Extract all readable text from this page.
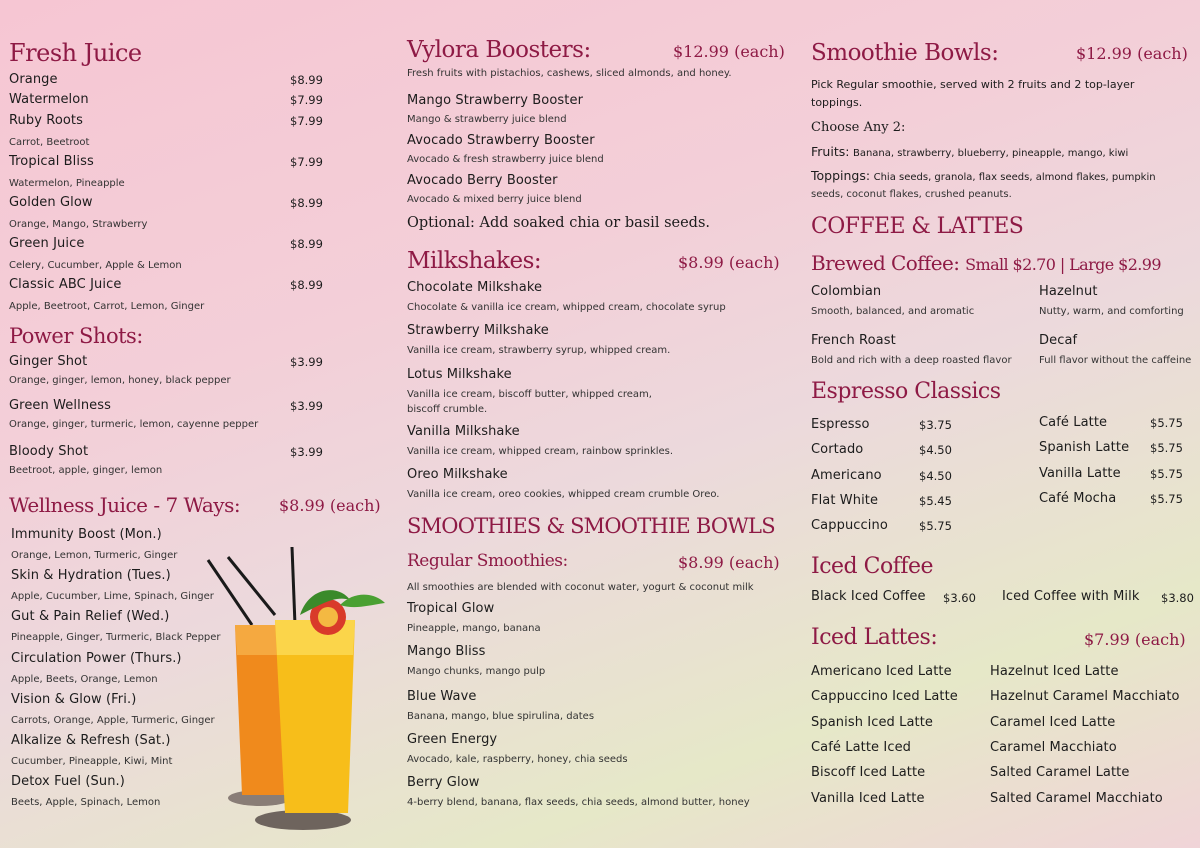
Fresh Juice
Orange	$8.99
Watermelon	$7.99
Ruby Roots	$7.99
Carrot, Beetroot
Tropical Bliss	$7.99
Watermelon, Pineapple
Golden Glow	$8.99
Orange, Mango, Strawberry
Green Juice	$8.99
Celery, Cucumber, Apple & Lemon
Classic ABC Juice	$8.99
Apple, Beetroot, Carrot, Lemon, Ginger
Power Shots:
Ginger Shot	$3.99
Orange, ginger, lemon, honey, black pepper
Green Wellness	$3.99
Orange, ginger, turmeric, lemon, cayenne pepper
Bloody Shot	$3.99
Beetroot, apple, ginger, lemon
Wellness Juice - 7 Ways: $8.99 (each)
Immunity Boost (Mon.)
Orange, Lemon, Turmeric, Ginger
Skin & Hydration (Tues.)
Apple, Cucumber, Lime, Spinach, Ginger
Gut & Pain Relief (Wed.)
Pineapple, Ginger, Turmeric, Black Pepper
Circulation Power (Thurs.)
Apple, Beets, Orange, Lemon
Vision & Glow (Fri.)
Carrots, Orange, Apple, Turmeric, Ginger
Alkalize & Refresh (Sat.)
Cucumber, Pineapple, Kiwi, Mint
Detox Fuel (Sun.)
Beets, Apple, Spinach, Lemon
Vylora Boosters:	$12.99 (each)
Fresh fruits with pistachios, cashews, sliced almonds, and honey.
Mango Strawberry Booster
Mango & strawberry juice blend
Avocado Strawberry Booster
Avocado & fresh strawberry juice blend
Avocado Berry Booster
Avocado & mixed berry juice blend
Optional: Add soaked chia or basil seeds.
Milkshakes:	$8.99 (each)
Chocolate Milkshake
Chocolate & vanilla ice cream, whipped cream, chocolate syrup
Strawberry Milkshake
Vanilla ice cream, strawberry syrup, whipped cream.
Lotus Milkshake
Vanilla ice cream, biscoff butter, whipped cream,
biscoff crumble.
Vanilla Milkshake
Vanilla ice cream, whipped cream, rainbow sprinkles.
Oreo Milkshake
Vanilla ice cream, oreo cookies, whipped cream crumble Oreo.
SMOOTHIES & SMOOTHIE BOWLS
Regular Smoothies:	$8.99 (each)
All smoothies are blended with coconut water, yogurt & coconut milk
Tropical Glow
Pineapple, mango, banana
Mango Bliss
Mango chunks, mango pulp
Blue Wave
Banana, mango, blue spirulina, dates
Green Energy
Avocado, kale, raspberry, honey, chia seeds
Berry Glow
4-berry blend, banana, flax seeds, chia seeds, almond butter, honey
Smoothie Bowls:	$12.99 (each)
Pick Regular smoothie, served with 2 fruits and 2 top-layer
toppings.
Choose Any 2:
Fruits: Banana, strawberry, blueberry, pineapple, mango, kiwi
Toppings: Chia seeds, granola, flax seeds, almond flakes, pumpkin
seeds, coconut flakes, crushed peanuts.
COFFEE & LATTES
Brewed Coffee: Small $2.70 | Large $2.99
Colombian
Smooth, balanced, and aromatic
Hazelnut
Nutty, warm, and comforting
French Roast
Bold and rich with a deep roasted flavor
Decaf
Full flavor without the caffeine
Espresso Classics
Espresso	$3.75
Cortado	$4.50
Americano	$4.50
Flat White	$5.45
Cappuccino	$5.75
Café Latte	$5.75
Spanish Latte $5.75
Vanilla Latte	$5.75
Café Mocha	$5.75
Iced Coffee
Black Iced Coffee $3.60 Iced Coffee with Milk $3.80
Iced Lattes:	$7.99 (each)
Americano Iced Latte
Cappuccino Iced Latte
Spanish Iced Latte
Café Latte Iced
Biscoff Iced Latte
Vanilla Iced Latte
Hazelnut Iced Latte
Hazelnut Caramel Macchiato
Caramel Iced Latte
Caramel Macchiato
Salted Caramel Latte
Salted Caramel Macchiato
